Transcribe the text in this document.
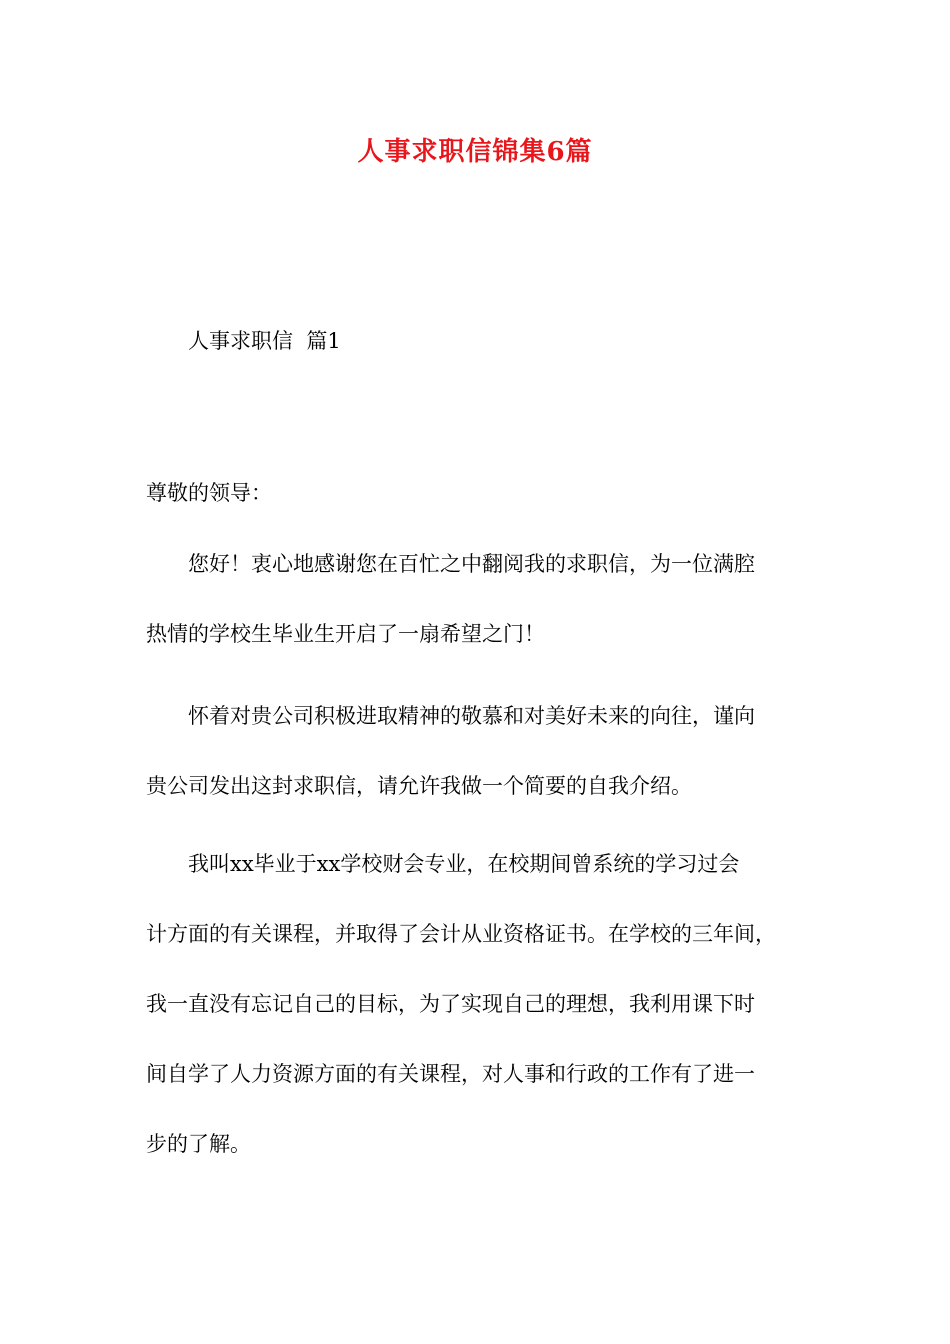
人事求职信锦集6篇
人事求职信  篇1
尊敬的领导：
您好！衷心地感谢您在百忙之中翻阅我的求职信，为一位满腔
热情的学校生毕业生开启了一扇希望之门！
怀着对贵公司积极进取精神的敬慕和对美好未来的向往，谨向
贵公司发出这封求职信，请允许我做一个简要的自我介绍。
我叫xx毕业于xx学校财会专业，在校期间曾系统的学习过会
计方面的有关课程，并取得了会计从业资格证书。在学校的三年间，
我一直没有忘记自己的目标，为了实现自己的理想，我利用课下时
间自学了人力资源方面的有关课程，对人事和行政的工作有了进一
步的了解。
